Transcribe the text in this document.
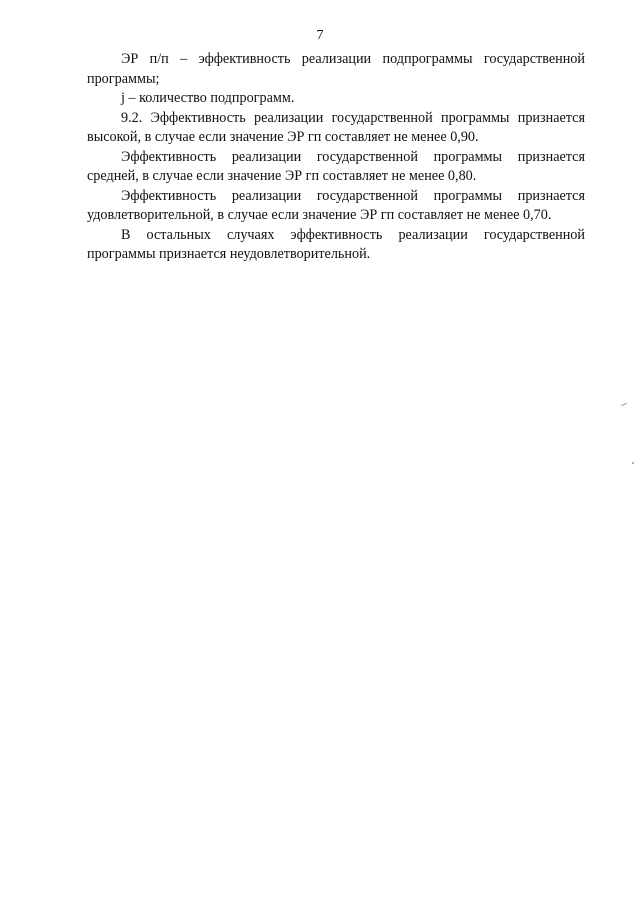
7

ЭР п/п – эффективность реализации подпрограммы государственной программы;

j – количество подпрограмм.

9.2. Эффективность реализации государственной программы признается высокой, в случае если значение ЭР гп составляет не менее 0,90.

Эффективность реализации государственной программы признается средней, в случае если значение ЭР гп составляет не менее 0,80.

Эффективность реализации государственной программы признается удовлетворительной, в случае если значение ЭР гп составляет не менее 0,70.

В остальных случаях эффективность реализации государственной программы признается неудовлетворительной.
